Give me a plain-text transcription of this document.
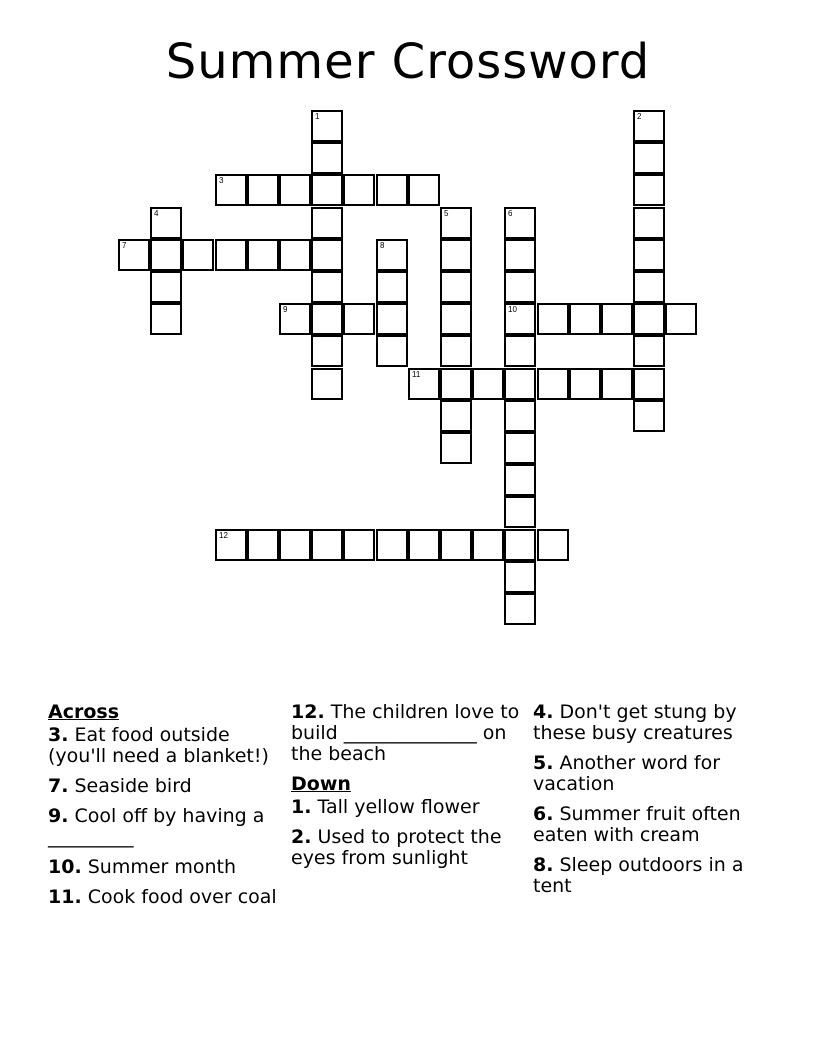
Summer Crossword
1	2
3
4	5	6
10
7	8
9
11
12
Across
3. Eat food outside (you'll need a blanket!)
7. Seaside bird
9. Cool off by having a _________
10. Summer month
11. Cook food over coal
12. The children love to build ______________ on the beach
Down
1. Tall yellow flower
2. Used to protect the eyes from sunlight
4. Don't get stung by these busy creatures
5. Another word for vacation
6. Summer fruit often eaten with cream
8. Sleep outdoors in a tent
